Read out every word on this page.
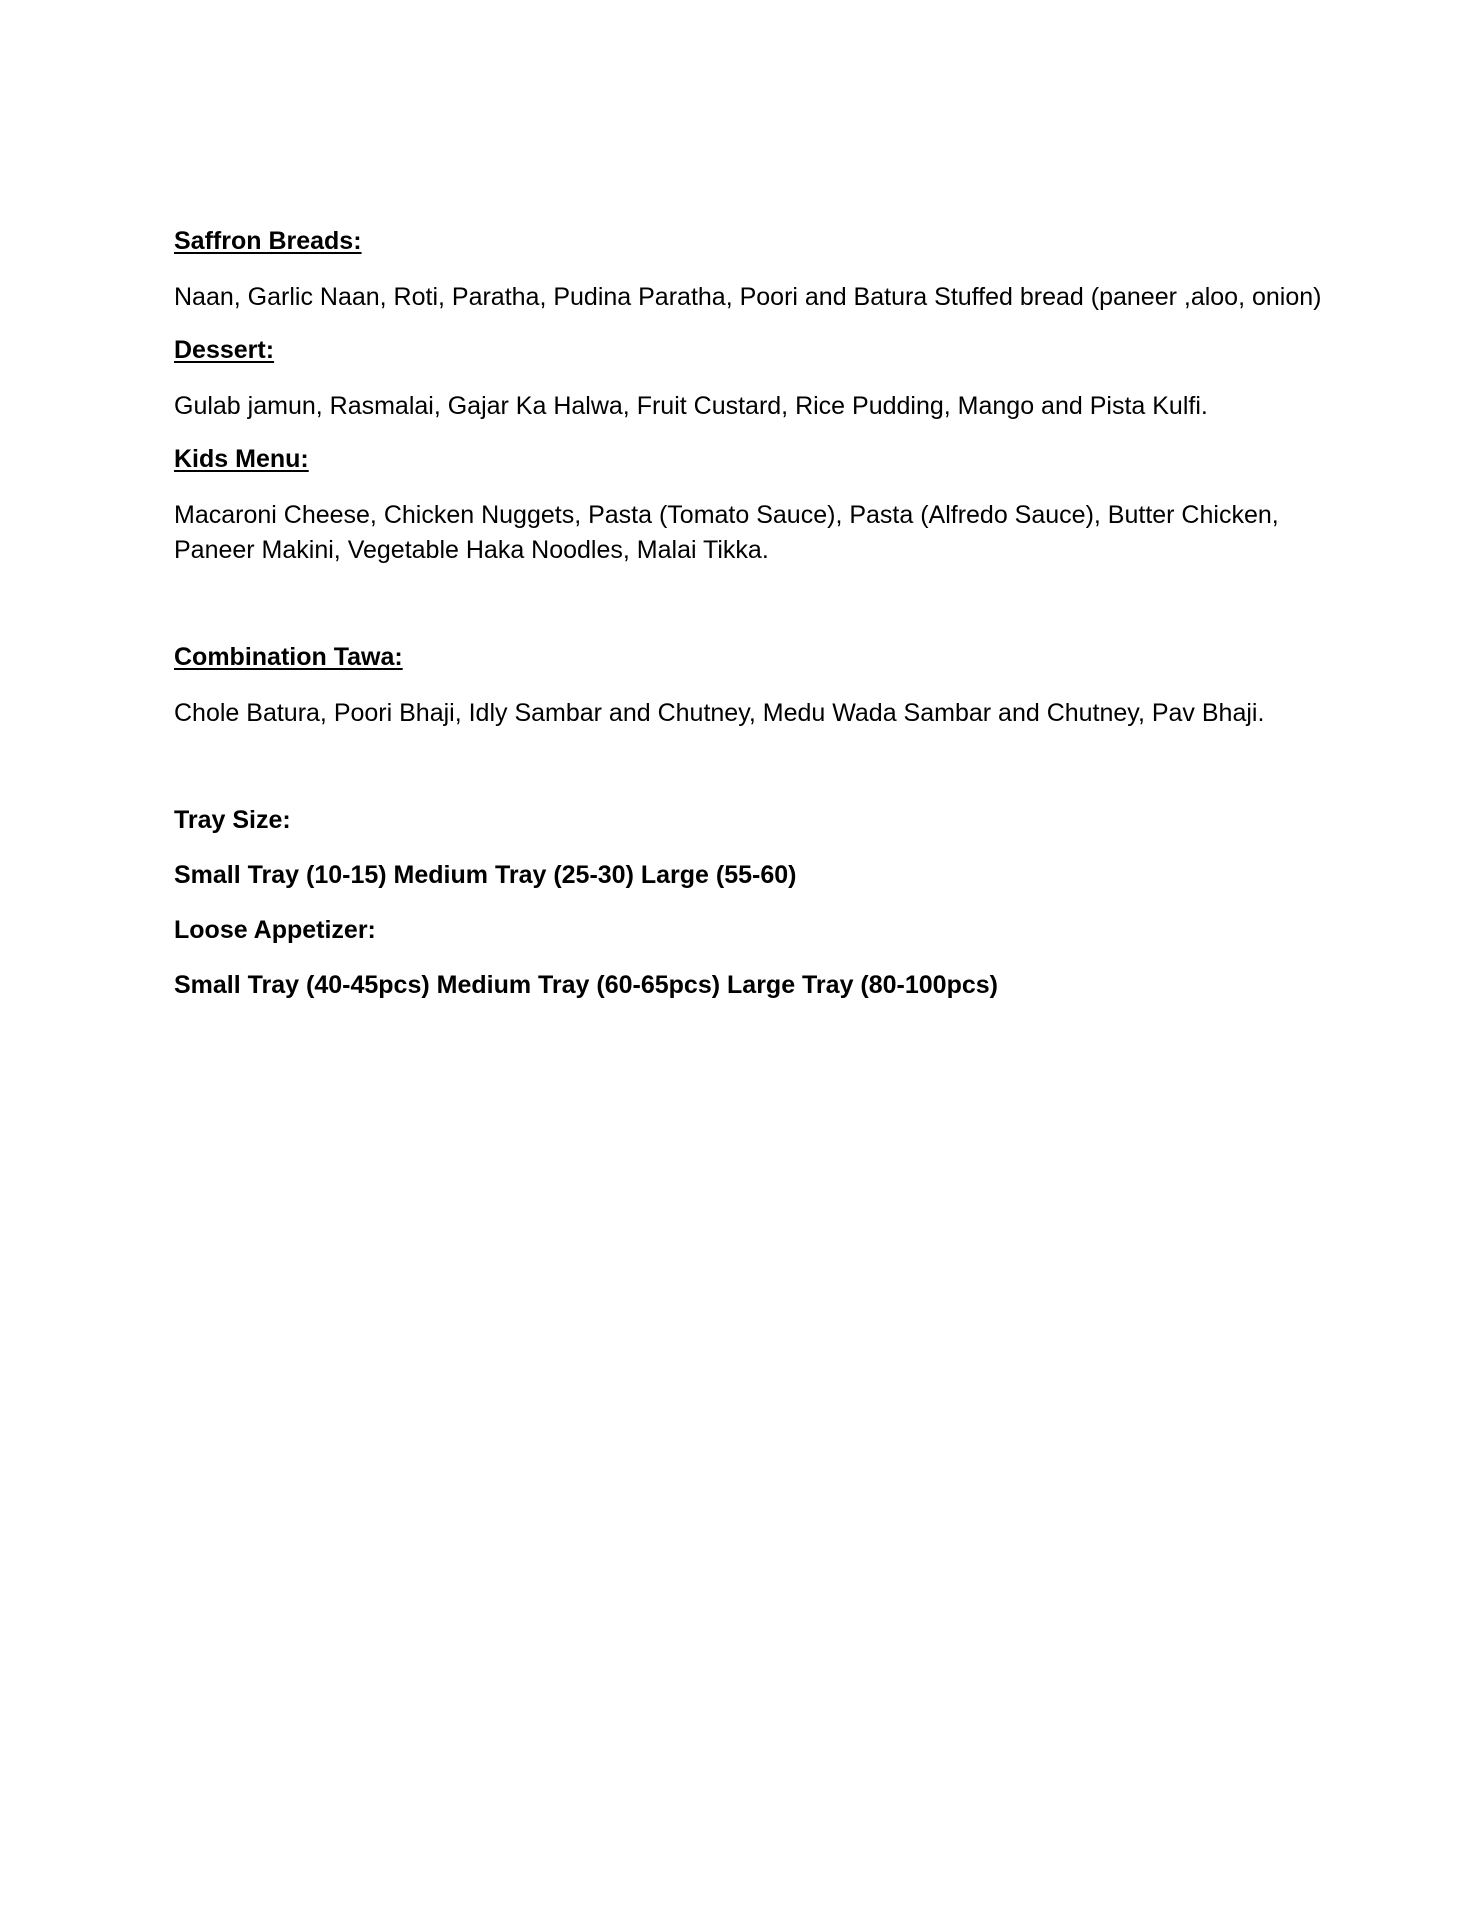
Saffron Breads:
Naan, Garlic Naan, Roti, Paratha, Pudina Paratha, Poori and Batura Stuffed bread (paneer ,aloo, onion)
Dessert:
Gulab jamun, Rasmalai, Gajar Ka Halwa, Fruit Custard, Rice Pudding, Mango and Pista Kulfi.
Kids Menu:
Macaroni Cheese, Chicken Nuggets, Pasta (Tomato Sauce), Pasta (Alfredo Sauce), Butter Chicken, Paneer Makini, Vegetable Haka Noodles, Malai Tikka.
Combination Tawa:
Chole Batura, Poori Bhaji, Idly Sambar and Chutney, Medu Wada Sambar and Chutney, Pav Bhaji.
Tray Size:
Small Tray (10-15) Medium Tray (25-30) Large (55-60)
Loose Appetizer:
Small Tray (40-45pcs) Medium Tray (60-65pcs) Large Tray (80-100pcs)
